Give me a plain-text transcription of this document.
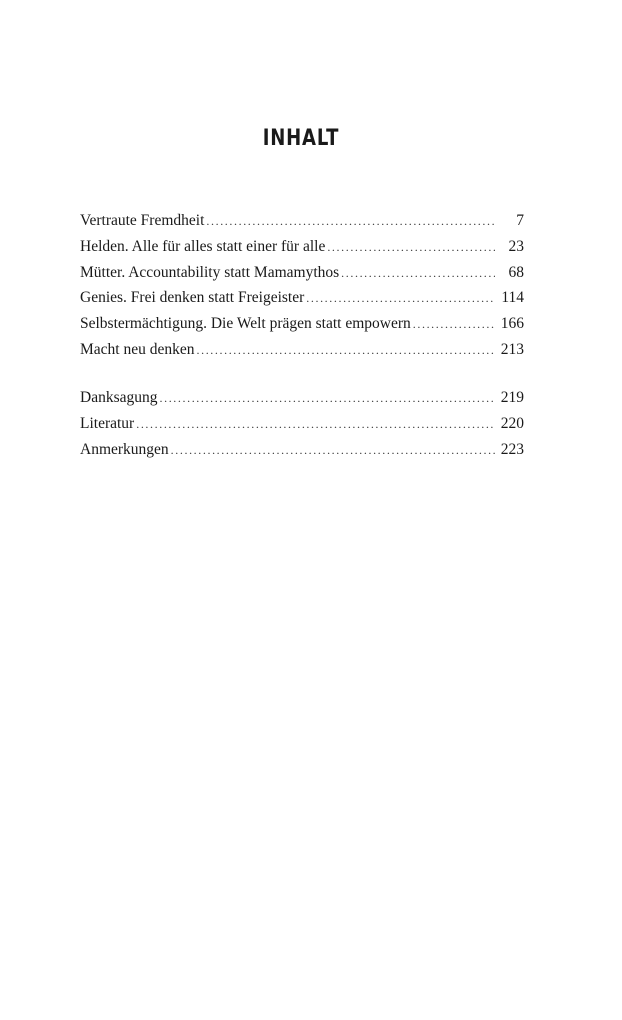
INHALT
Vertraute Fremdheit .....	7
Helden. Alle für alles statt einer für alle .....	23
Mütter. Accountability statt Mamamythos .....	68
Genies. Frei denken statt Freigeister .....	114
Selbstermächtigung. Die Welt prägen statt empowern .....	166
Macht neu denken .....	213
Danksagung .....	219
Literatur .....	220
Anmerkungen .....	223
